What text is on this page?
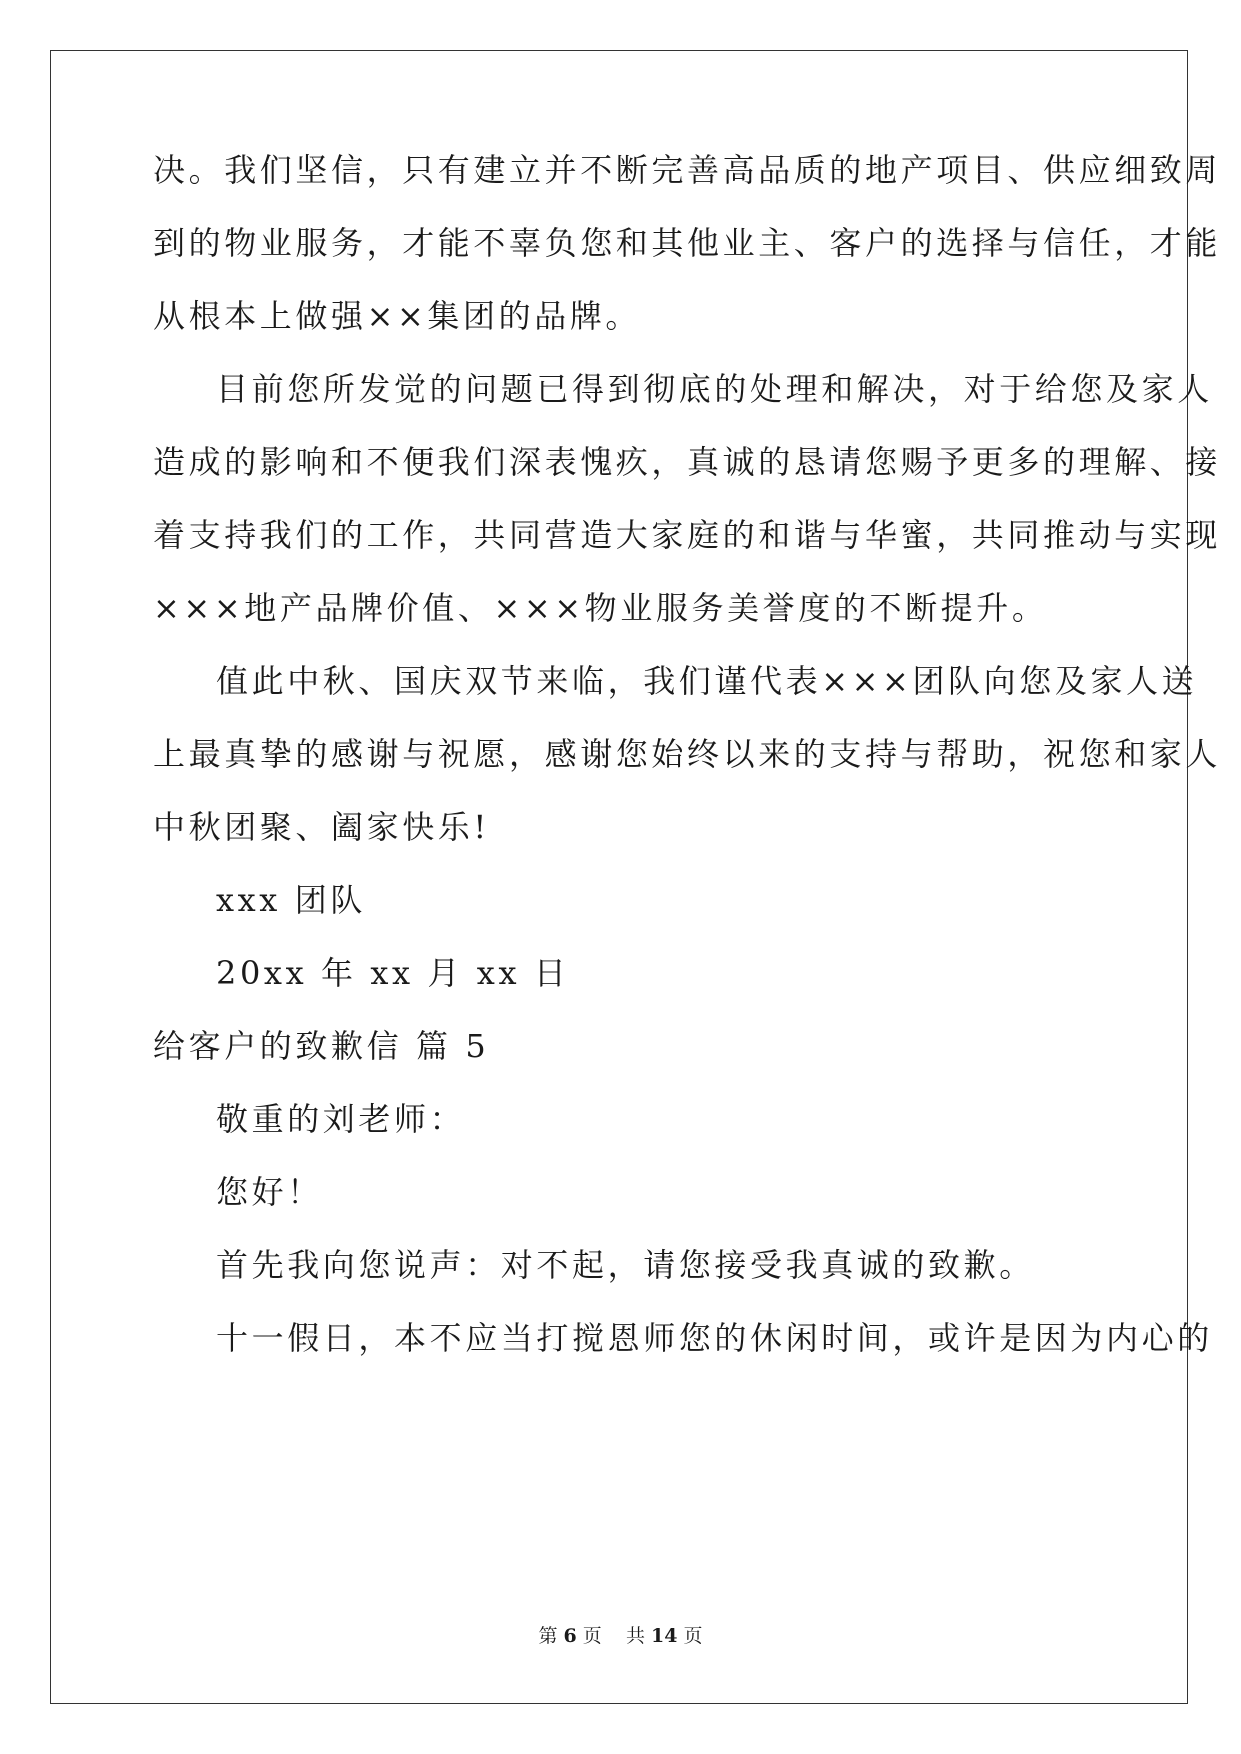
决。我们坚信，只有建立并不断完善高品质的地产项目、供应细致周
到的物业服务，才能不辜负您和其他业主、客户的选择与信任，才能
从根本上做强××集团的品牌。
目前您所发觉的问题已得到彻底的处理和解决，对于给您及家人
造成的影响和不便我们深表愧疚，真诚的恳请您赐予更多的理解、接
着支持我们的工作，共同营造大家庭的和谐与华蜜，共同推动与实现
×××地产品牌价值、×××物业服务美誉度的不断提升。
值此中秋、国庆双节来临，我们谨代表×××团队向您及家人送
上最真挚的感谢与祝愿，感谢您始终以来的支持与帮助，祝您和家人
中秋团聚、阖家快乐!
xxx 团队
20xx 年 xx 月 xx 日
给客户的致歉信 篇 5
敬重的刘老师：
您好！
首先我向您说声：对不起，请您接受我真诚的致歉。
十一假日，本不应当打搅恩师您的休闲时间，或许是因为内心的
第 6 页    共 14 页
